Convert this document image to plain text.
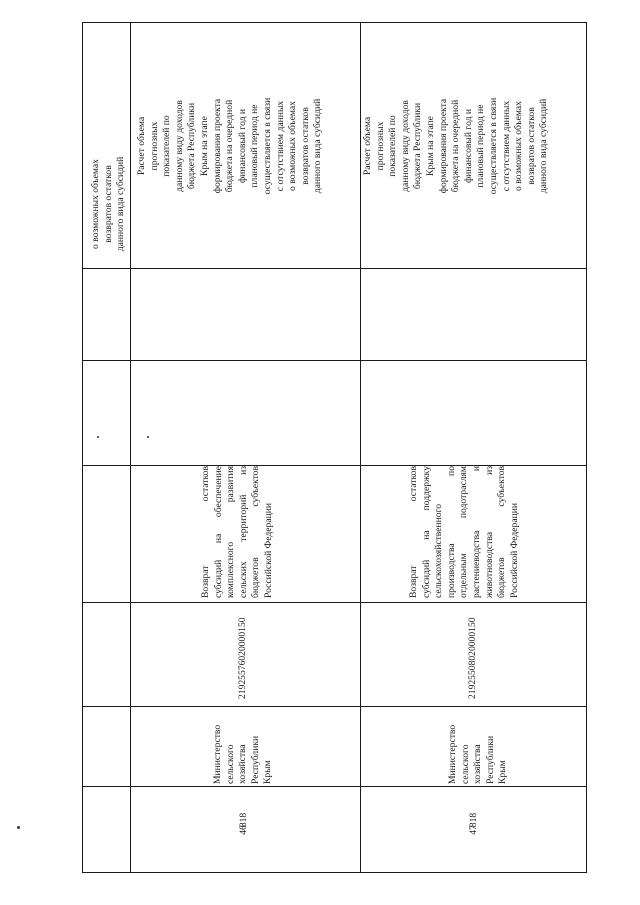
о возможных объемах возвратов остатков данного вида субсидий
Расчет объема прогнозных показателей по данному виду доходов бюджета Республики Крым на этапе формирования проекта бюджета на очередной финансовый год и плановый период не осуществляется в связи с отсутствием данных о возможных объемах возвратов остатков данного вида субсидий
Возврат остатков субсидий на обеспечение комплексного развития сельских территорий из бюджетов субъектов Российской Федерации
21925576020000150
Министерство сельского хозяйства Республики Крым
818
46
Расчет объема прогнозных показателей по данному виду доходов бюджета Республики Крым на этапе формирования проекта бюджета на очередной финансовый год и плановый период не осуществляется в связи с отсутствием данных о возможных объемах возвратов остатков данного вида субсидий
Возврат остатков субсидий на поддержку сельскохозяйственного производства по отдельным подотраслям растениеводства и животноводства из бюджетов субъектов Российской Федерации
21925508020000150
Министерство сельского хозяйства Республики Крым
818
47
